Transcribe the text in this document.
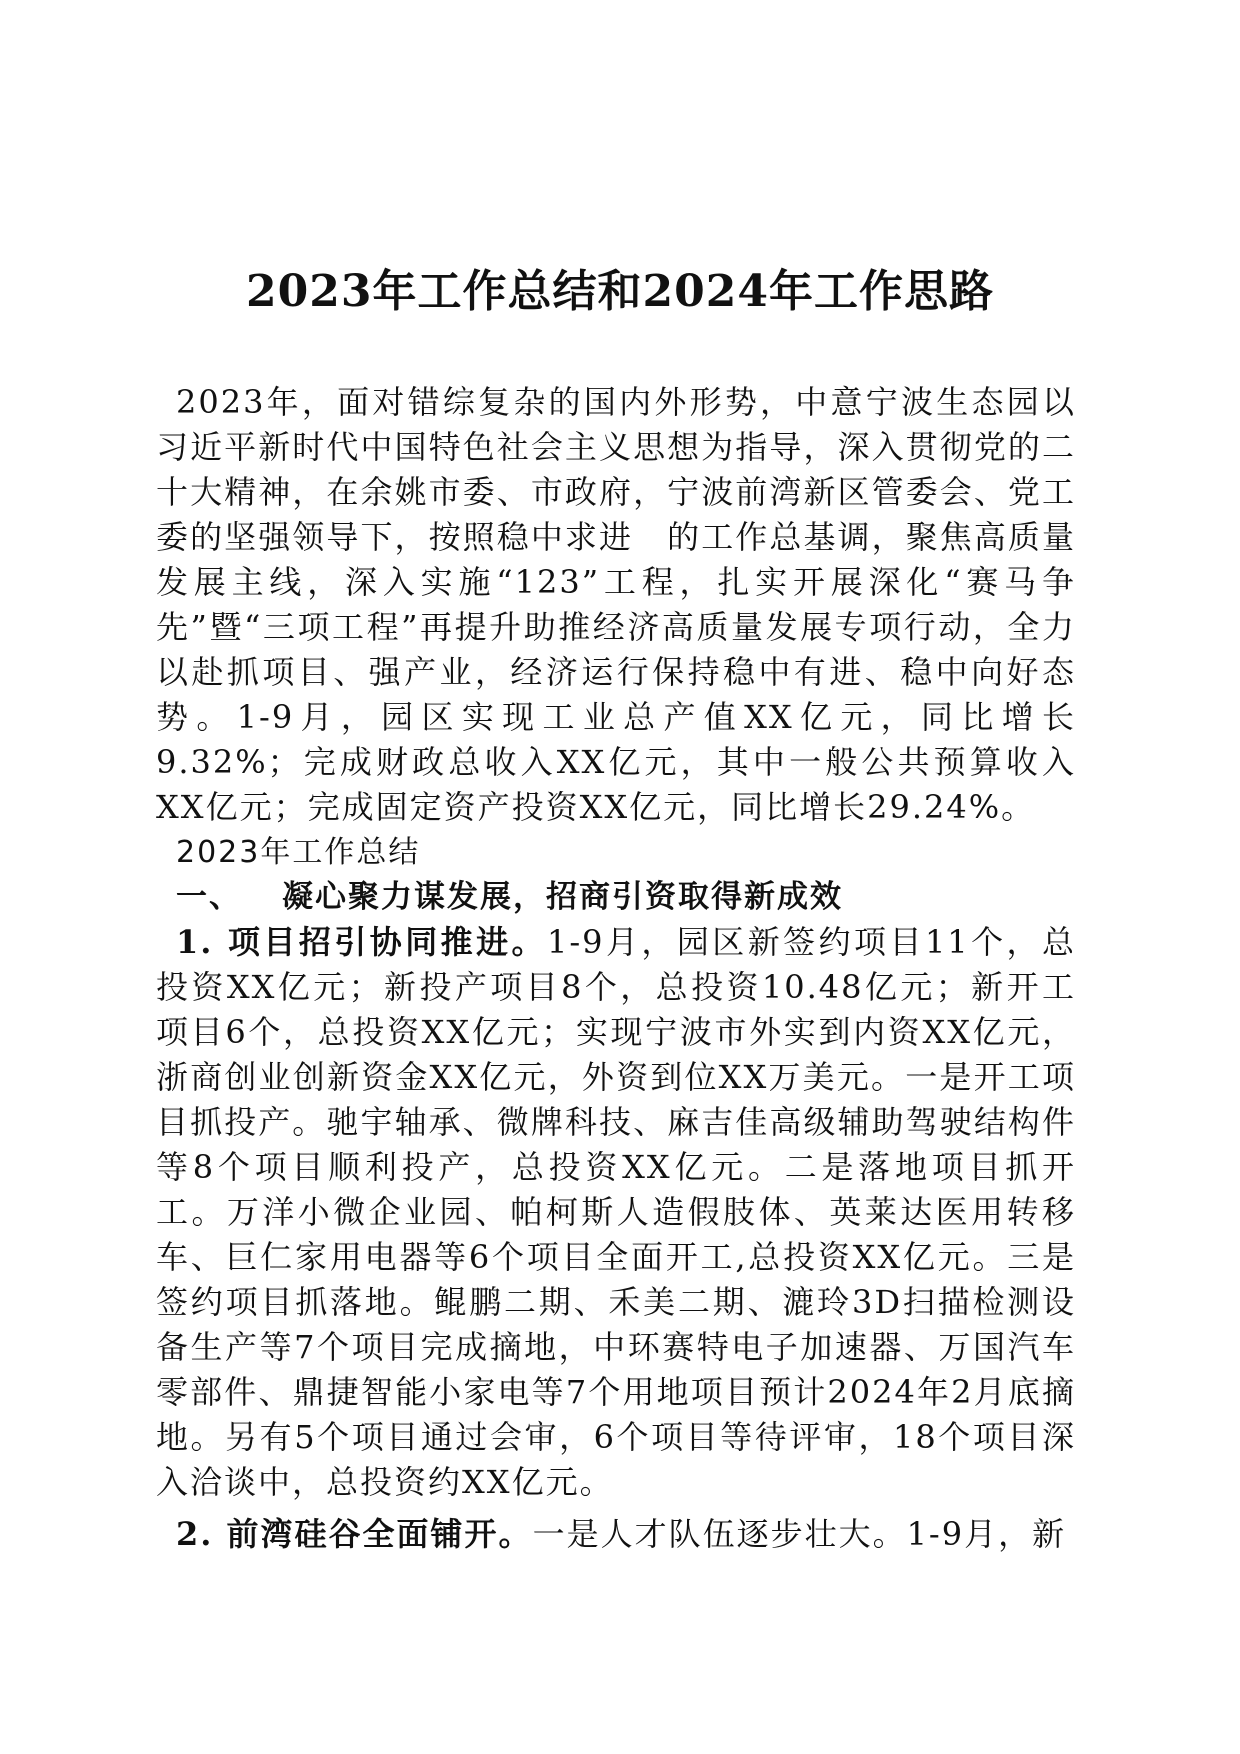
2023年工作总结和2024年工作思路

2023年，面对错综复杂的国内外形势，中意宁波生态园以习近平新时代中国特色社会主义思想为指导，深入贯彻党的二十大精神，在余姚市委、市政府，宁波前湾新区管委会、党工委的坚强领导下，按照稳中求进　的工作总基调，聚焦高质量发展主线，深入实施“123”工程，扎实开展深化“赛马争先”暨“三项工程”再提升助推经济高质量发展专项行动，全力以赴抓项目、强产业，经济运行保持稳中有进、稳中向好态势。1-9月，园区实现工业总产值XX亿元，同比增长9.32%；完成财政总收入XX亿元，其中一般公共预算收入XX亿元；完成固定资产投资XX亿元，同比增长29.24%。

2023年工作总结

一、 凝心聚力谋发展，招商引资取得新成效

1. 项目招引协同推进。1-9月，园区新签约项目11个，总投资XX亿元；新投产项目8个，总投资10.48亿元；新开工项目6个，总投资XX亿元；实现宁波市外实到内资XX亿元，浙商创业创新资金XX亿元，外资到位XX万美元。一是开工项目抓投产。驰宇轴承、微牌科技、麻吉佳高级辅助驾驶结构件等8个项目顺利投产，总投资XX亿元。二是落地项目抓开工。万洋小微企业园、帕柯斯人造假肢体、英莱达医用转移车、巨仁家用电器等6个项目全面开工,总投资XX亿元。三是签约项目抓落地。鲲鹏二期、禾美二期、漉玲3D扫描检测设备生产等7个项目完成摘地，中环赛特电子加速器、万国汽车零部件、鼎捷智能小家电等7个用地项目预计2024年2月底摘地。另有5个项目通过会审，6个项目等待评审，18个项目深入洽谈中，总投资约XX亿元。

2. 前湾硅谷全面铺开。一是人才队伍逐步壮大。1-9月，新
